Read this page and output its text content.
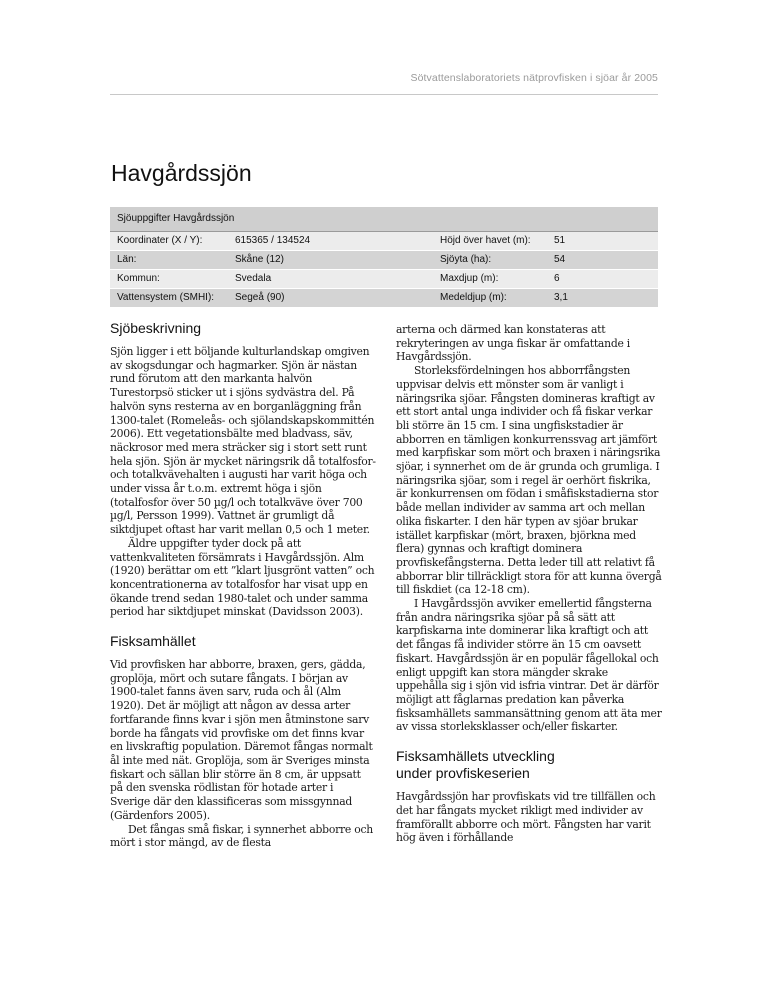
Sötvattenslaboratoriets nätprovfisken i sjöar år 2005
Havgårdssjön
Sjöuppgifter Havgårdssjön
Koordinater (X / Y):	615365 / 134524	Höjd över havet (m):	51
Län:	Skåne (12)	Sjöyta (ha):	54
Kommun:	Svedala	Maxdjup (m):	6
Vattensystem (SMHI):	Segeå (90)	Medeldjup (m):	3,1
Sjöbeskrivning

Sjön ligger i ett böljande kulturlandskap omgiven av skogsdungar och hagmarker. Sjön är nästan rund förutom att den markanta halvön Turestorpsö sticker ut i sjöns sydvästra del. På halvön syns resterna av en borganläggning från 1300-talet (Romeleås- och sjölandskapskommittén 2006). Ett vegetationsbälte med bladvass, säv, näckrosor med mera sträcker sig i stort sett runt hela sjön. Sjön är mycket näringsrik då totalfosfor- och totalkvävehalten i augusti har varit höga och under vissa år t.o.m. extremt höga i sjön (totalfosfor över 50 µg/l och totalkväve över 700 µg/l, Persson 1999). Vattnet är grumligt då siktdjupet oftast har varit mellan 0,5 och 1 meter.

Äldre uppgifter tyder dock på att vattenkvaliteten försämrats i Havgårdssjön. Alm (1920) berättar om ett ”klart ljusgrönt vatten” och koncentrationerna av totalfosfor har visat upp en ökande trend sedan 1980-talet och under samma period har siktdjupet minskat (Davidsson 2003).

Fisksamhället

Vid provfisken har abborre, braxen, gers, gädda, groplöja, mört och sutare fångats. I början av 1900-talet fanns även sarv, ruda och ål (Alm 1920). Det är möjligt att någon av dessa arter fortfarande finns kvar i sjön men åtminstone sarv borde ha fångats vid provfiske om det finns kvar en livskraftig population. Däremot fångas normalt ål inte med nät. Groplöja, som är Sveriges minsta fiskart och sällan blir större än 8 cm, är uppsatt på den svenska rödlistan för hotade arter i Sverige där den klassificeras som missgynnad (Gärdenfors 2005).

Det fångas små fiskar, i synnerhet abborre och mört i stor mängd, av de flesta

arterna och därmed kan konstateras att rekryteringen av unga fiskar är omfattande i Havgårdssjön.

Storleksfördelningen hos abborrfångsten uppvisar delvis ett mönster som är vanligt i näringsrika sjöar. Fångsten domineras kraftigt av ett stort antal unga individer och få fiskar verkar bli större än 15 cm. I sina ungfiskstadier är abborren en tämligen konkurrenssvag art jämfört med karpfiskar som mört och braxen i näringsrika sjöar, i synnerhet om de är grunda och grumliga. I näringsrika sjöar, som i regel är oerhört fiskrika, är konkurrensen om födan i småfiskstadierna stor både mellan individer av samma art och mellan olika fiskarter. I den här typen av sjöar brukar istället karpfiskar (mört, braxen, björkna med flera) gynnas och kraftigt dominera provfiskefångsterna. Detta leder till att relativt få abborrar blir tillräckligt stora för att kunna övergå till fiskdiet (ca 12-18 cm).

I Havgårdssjön avviker emellertid fångsterna från andra näringsrika sjöar på så sätt att karpfiskarna inte dominerar lika kraftigt och att det fångas få individer större än 15 cm oavsett fiskart. Havgårdssjön är en populär fågellokal och enligt uppgift kan stora mängder skrake uppehålla sig i sjön vid isfria vintrar. Det är därför möjligt att fåglarnas predation kan påverka fisksamhällets sammansättning genom att äta mer av vissa storleksklasser och/eller fiskarter.

Fisksamhällets utveckling
under provfiskeserien

Havgårdssjön har provfiskats vid tre tillfällen och det har fångats mycket rikligt med individer av framförallt abborre och mört. Fångsten har varit hög även i förhållande
